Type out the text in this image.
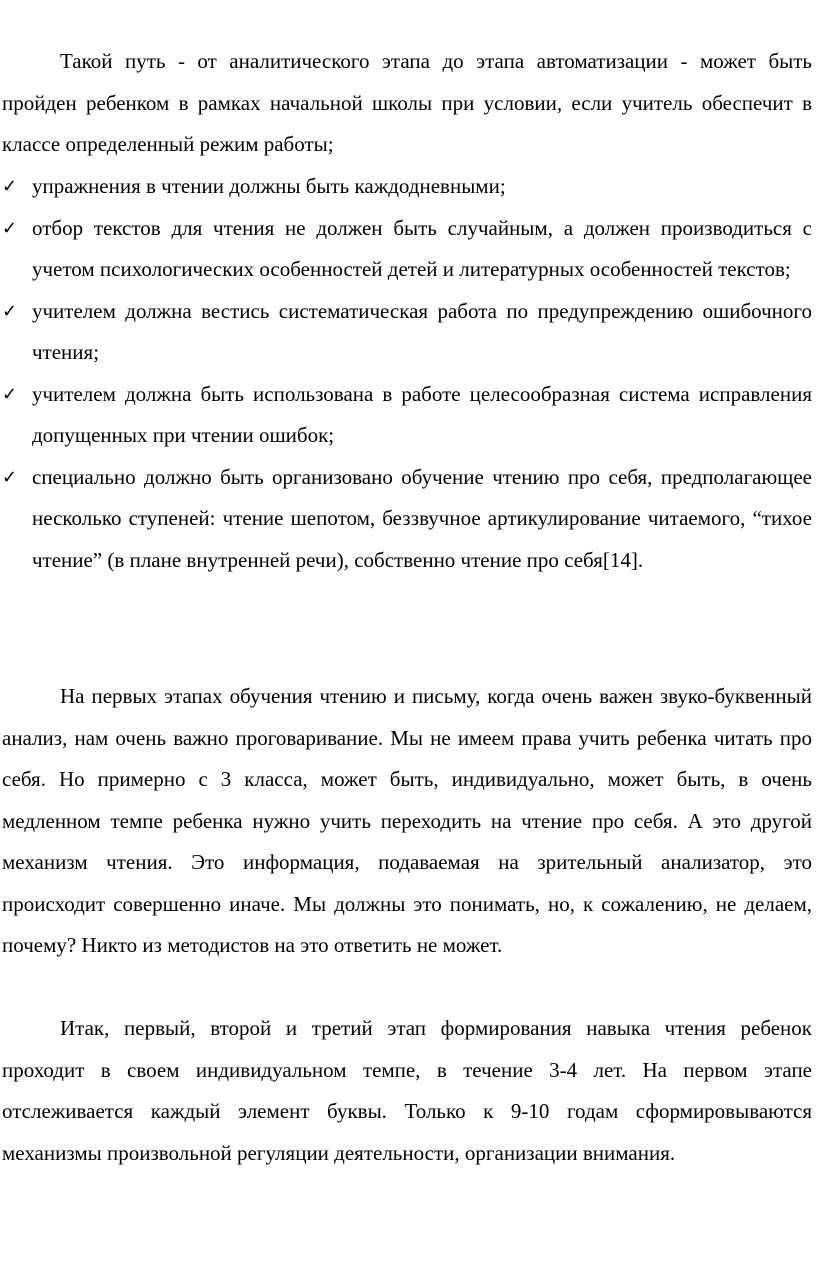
Такой путь - от аналитического этапа до этапа автоматизации - может быть пройден ребенком в рамках начальной школы при условии, если учитель обеспечит в классе определенный режим работы;

✓ упражнения в чтении должны быть каждодневными;
✓ отбор текстов для чтения не должен быть случайным, а должен производиться с учетом психологических особенностей детей и литературных особенностей текстов;
✓ учителем должна вестись систематическая работа по предупреждению ошибочного чтения;
✓ учителем должна быть использована в работе целесообразная система исправления допущенных при чтении ошибок;
✓ специально должно быть организовано обучение чтению про себя, предполагающее несколько ступеней: чтение шепотом, беззвучное артикулирование читаемого, “тихое чтение” (в плане внутренней речи), собственно чтение про себя[14].

На первых этапах обучения чтению и письму, когда очень важен звуко-буквенный анализ, нам очень важно проговаривание. Мы не имеем права учить ребенка читать про себя. Но примерно с 3 класса, может быть, индивидуально, может быть, в очень медленном темпе ребенка нужно учить переходить на чтение про себя. А это другой механизм чтения. Это информация, подаваемая на зрительный анализатор, это происходит совершенно иначе. Мы должны это понимать, но, к сожалению, не делаем, почему? Никто из методистов на это ответить не может.

Итак, первый, второй и третий этап формирования навыка чтения ребенок проходит в своем индивидуальном темпе, в течение 3-4 лет. На первом этапе отслеживается каждый элемент буквы. Только к 9-10 годам сформировываются механизмы произвольной регуляции деятельности, организации внимания.
